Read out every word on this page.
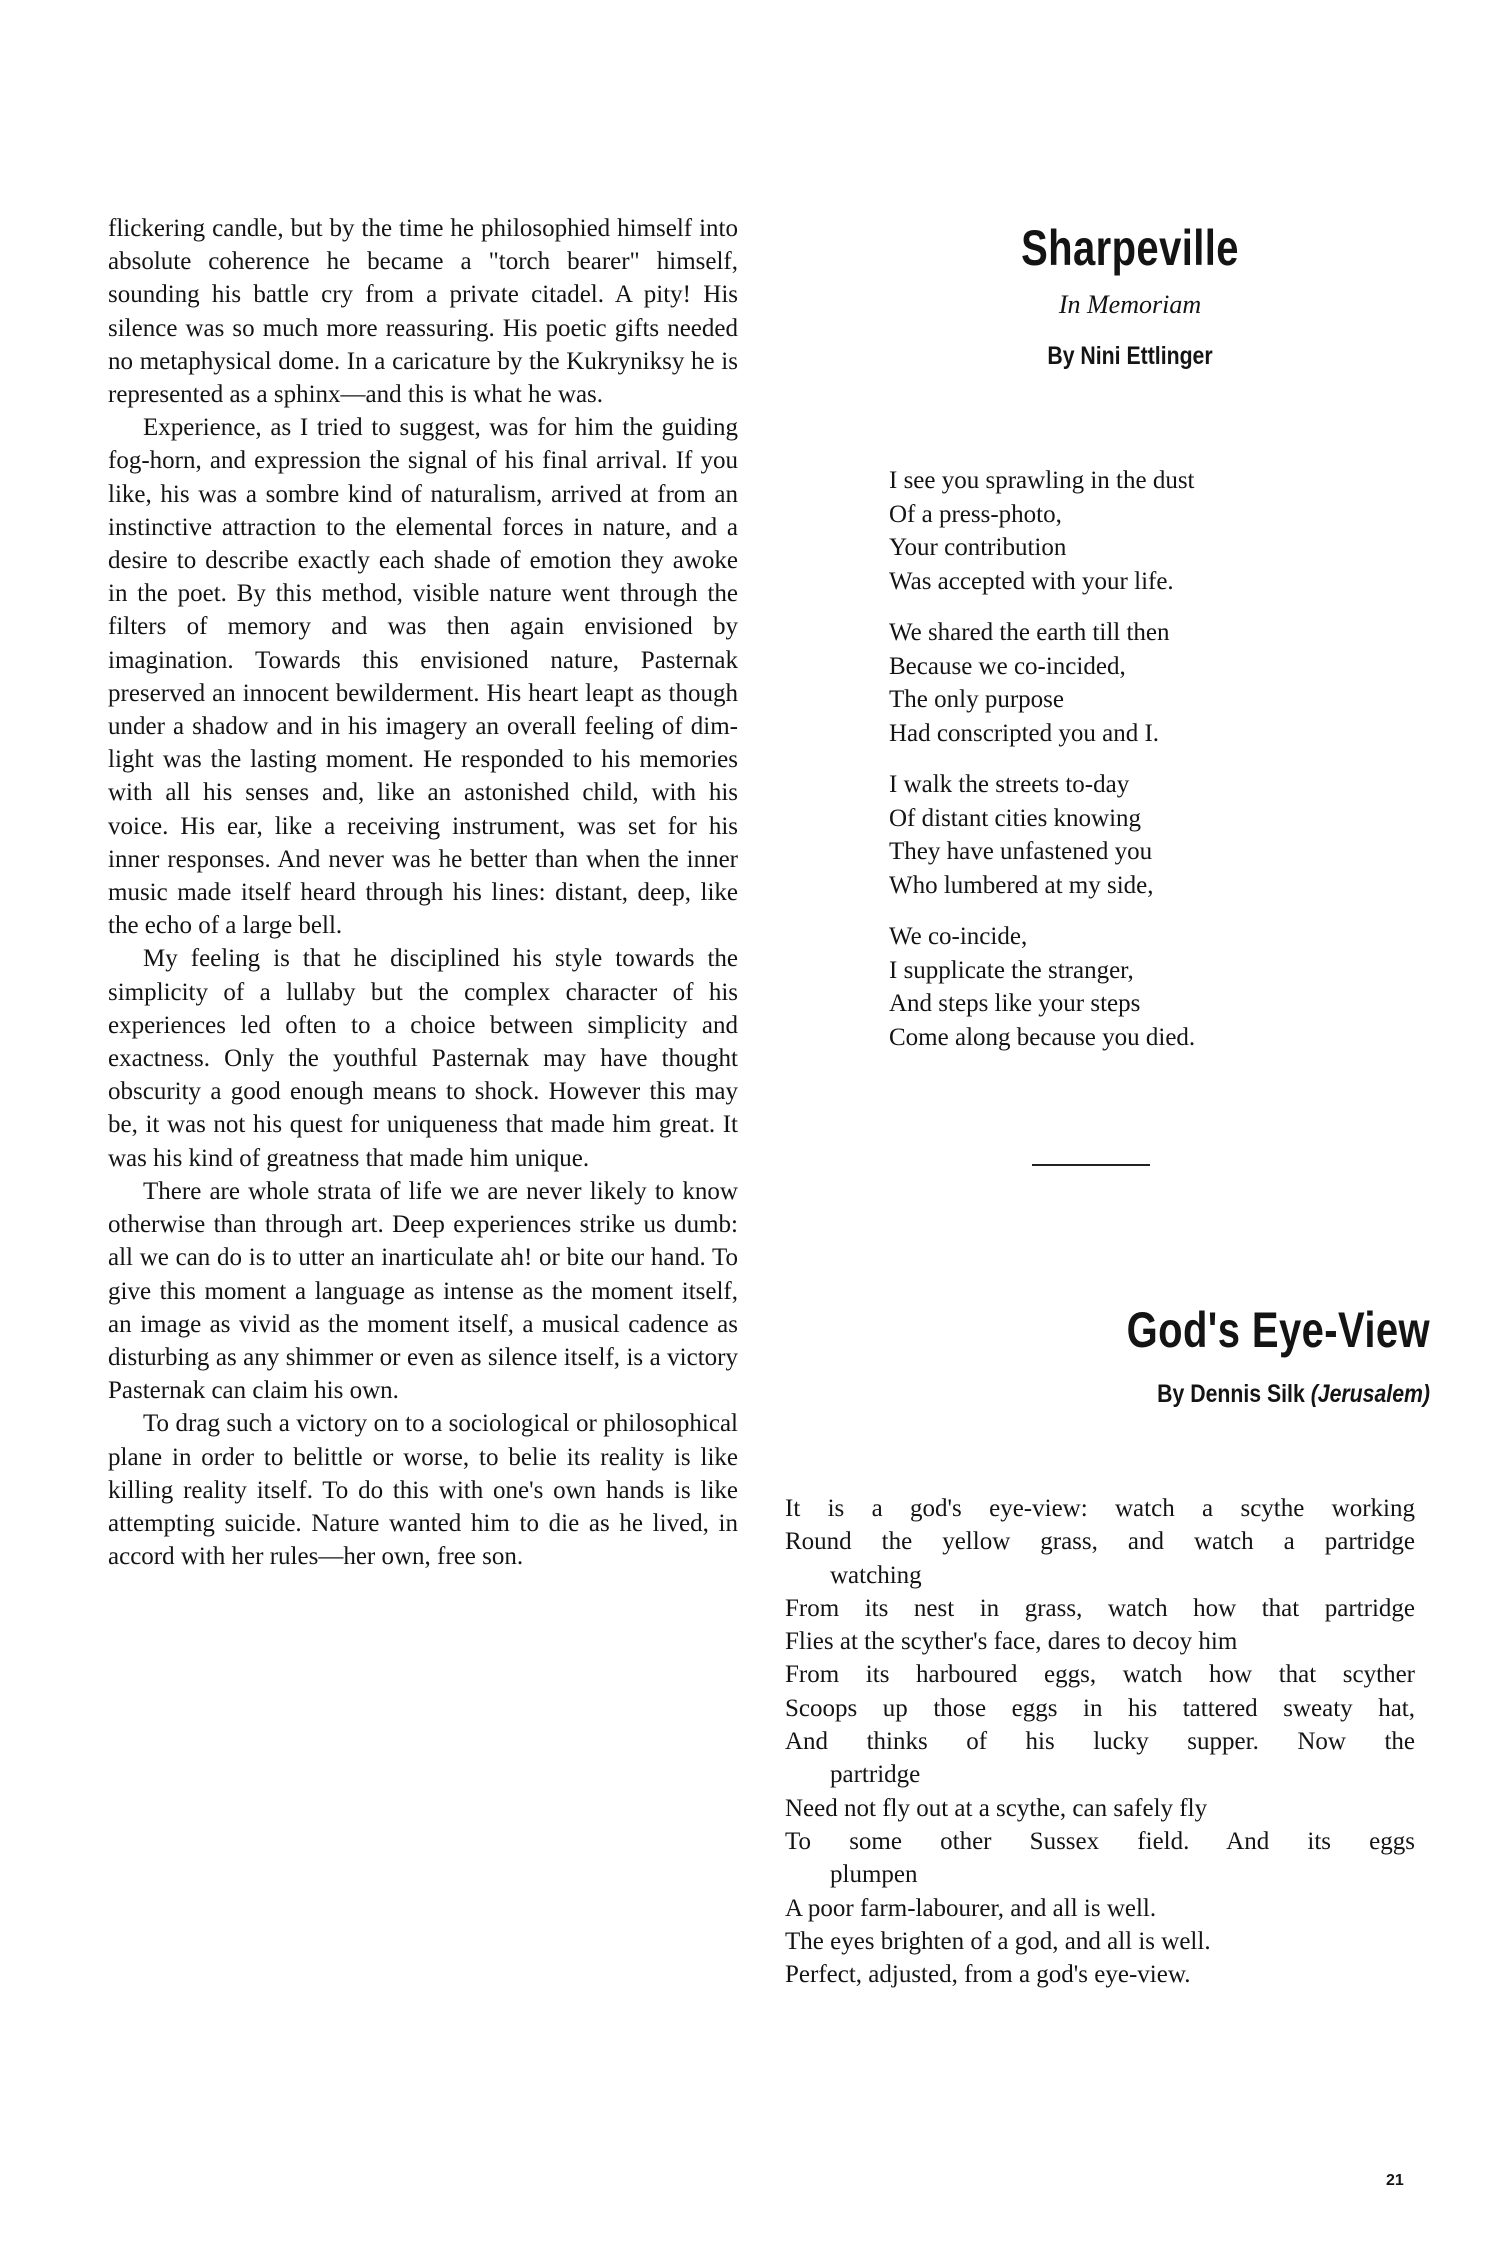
flickering candle, but by the time he philosophied himself into absolute coherence he became a "torch bearer" himself, sounding his battle cry from a private citadel. A pity! His silence was so much more reassuring. His poetic gifts needed no metaphysical dome. In a caricature by the Kukryniksy he is represented as a sphinx—and this is what he was.

Experience, as I tried to suggest, was for him the guiding fog-horn, and expression the signal of his final arrival. If you like, his was a sombre kind of naturalism, arrived at from an instinctive attraction to the elemental forces in nature, and a desire to describe exactly each shade of emotion they awoke in the poet. By this method, visible nature went through the filters of memory and was then again envisioned by imagination. Towards this envisioned nature, Pasternak preserved an innocent bewilderment. His heart leapt as though under a shadow and in his imagery an overall feeling of dim-light was the lasting moment. He responded to his memories with all his senses and, like an astonished child, with his voice. His ear, like a receiving instrument, was set for his inner responses. And never was he better than when the inner music made itself heard through his lines: distant, deep, like the echo of a large bell.

My feeling is that he disciplined his style towards the simplicity of a lullaby but the complex character of his experiences led often to a choice between simplicity and exactness. Only the youthful Pasternak may have thought obscurity a good enough means to shock. However this may be, it was not his quest for uniqueness that made him great. It was his kind of greatness that made him unique.

There are whole strata of life we are never likely to know otherwise than through art. Deep experiences strike us dumb: all we can do is to utter an inarticulate ah! or bite our hand. To give this moment a language as intense as the moment itself, an image as vivid as the moment itself, a musical cadence as disturbing as any shimmer or even as silence itself, is a victory Pasternak can claim his own.

To drag such a victory on to a sociological or philosophical plane in order to belittle or worse, to belie its reality is like killing reality itself. To do this with one's own hands is like attempting suicide. Nature wanted him to die as he lived, in accord with her rules—her own, free son.

Sharpeville
In Memoriam
By Nini Ettlinger
I see you sprawling in the dust
Of a press-photo,
Your contribution
Was accepted with your life.
We shared the earth till then
Because we co-incided,
The only purpose
Had conscripted you and I.
I walk the streets to-day
Of distant cities knowing
They have unfastened you
Who lumbered at my side,
We co-incide,
I supplicate the stranger,
And steps like your steps
Come along because you died.
God's Eye-View
By Dennis Silk (Jerusalem)
It is a god's eye-view: watch a scythe working
Round the yellow grass, and watch a partridge
watching
From its nest in grass, watch how that partridge
Flies at the scyther's face, dares to decoy him
From its harboured eggs, watch how that scyther
Scoops up those eggs in his tattered sweaty hat,
And thinks of his lucky supper. Now the
partridge
Need not fly out at a scythe, can safely fly
To some other Sussex field. And its eggs
plumpen
A poor farm-labourer, and all is well.
The eyes brighten of a god, and all is well.
Perfect, adjusted, from a god's eye-view.
21
